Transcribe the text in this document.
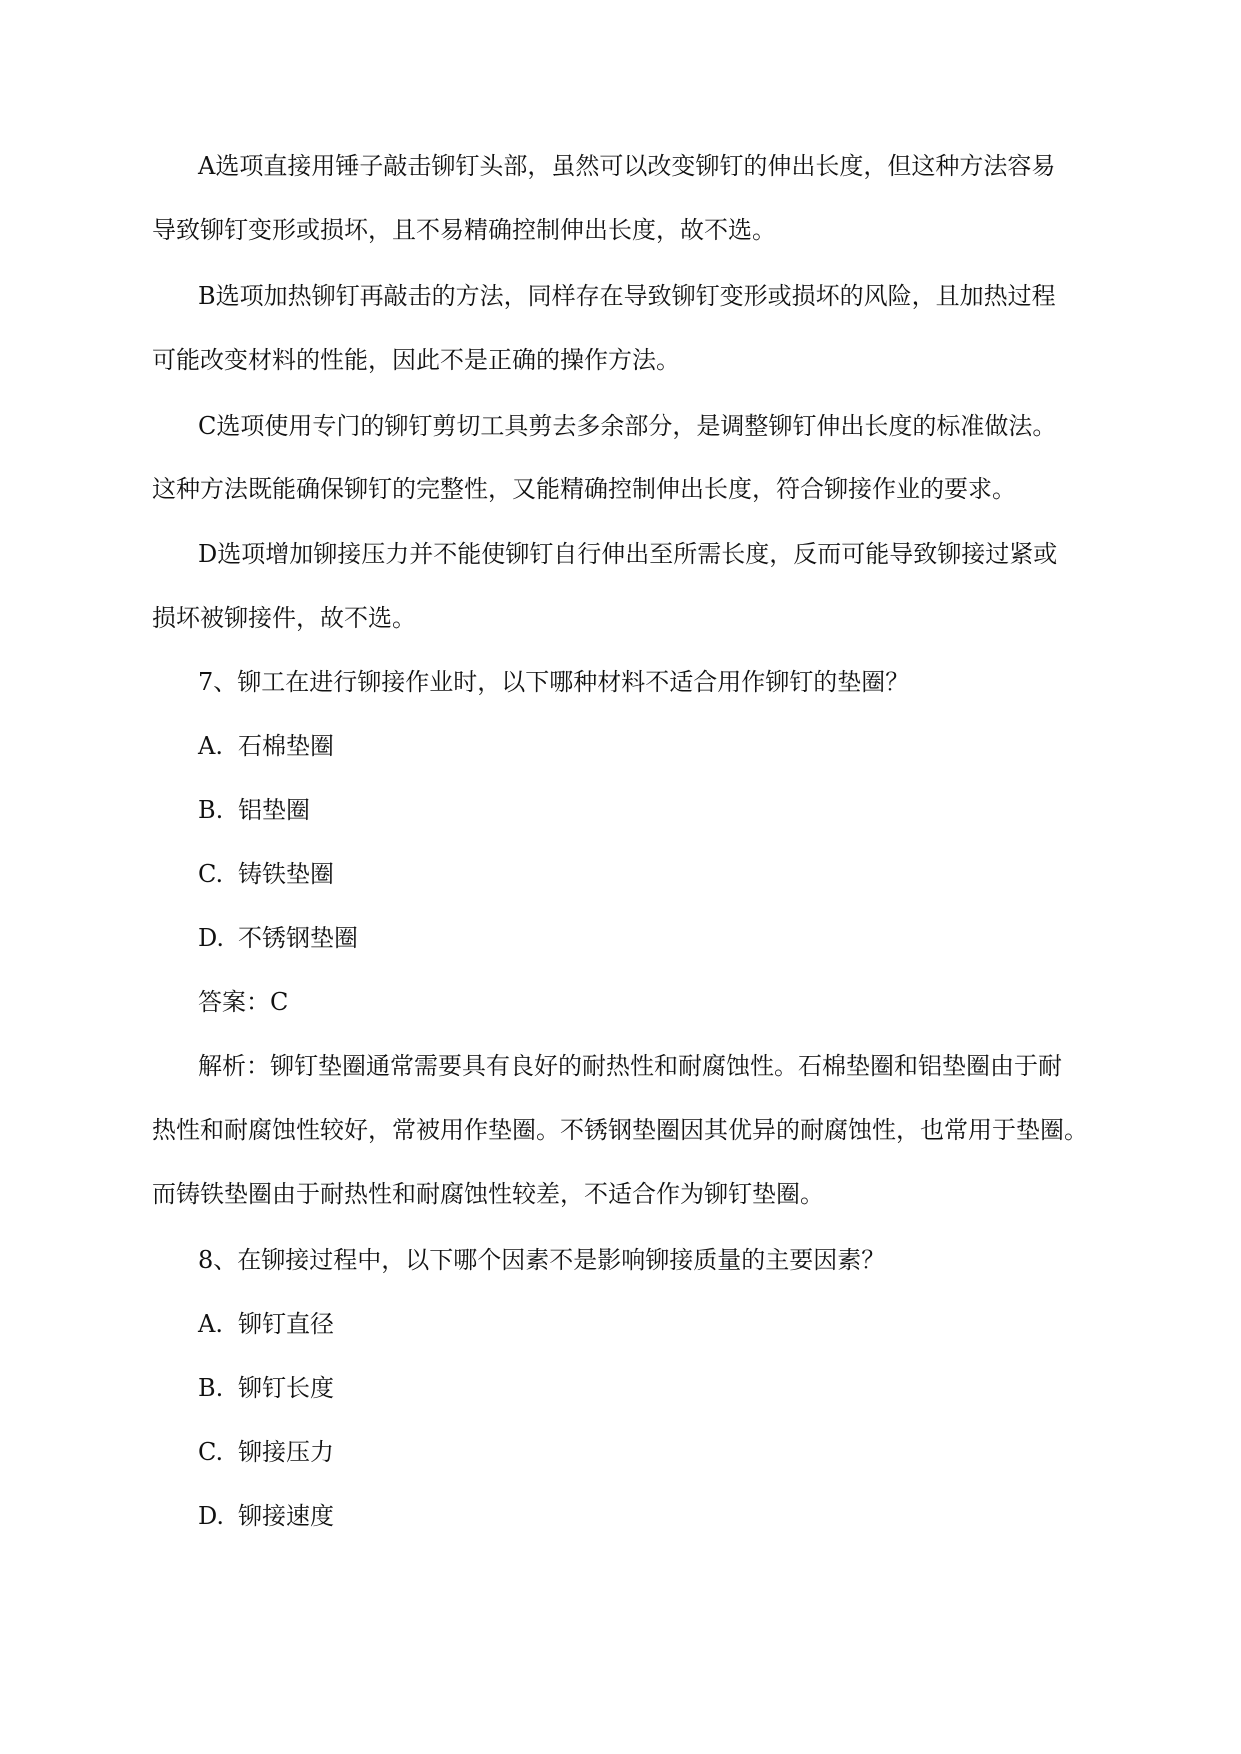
A选项直接用锤子敲击铆钉头部，虽然可以改变铆钉的伸出长度，但这种方法容易
导致铆钉变形或损坏，且不易精确控制伸出长度，故不选。
B选项加热铆钉再敲击的方法，同样存在导致铆钉变形或损坏的风险，且加热过程
可能改变材料的性能，因此不是正确的操作方法。
C选项使用专门的铆钉剪切工具剪去多余部分，是调整铆钉伸出长度的标准做法。
这种方法既能确保铆钉的完整性，又能精确控制伸出长度，符合铆接作业的要求。
D选项增加铆接压力并不能使铆钉自行伸出至所需长度，反而可能导致铆接过紧或
损坏被铆接件，故不选。
7、铆工在进行铆接作业时，以下哪种材料不适合用作铆钉的垫圈？
A. 石棉垫圈
B. 铝垫圈
C. 铸铁垫圈
D. 不锈钢垫圈
答案：C
解析：铆钉垫圈通常需要具有良好的耐热性和耐腐蚀性。石棉垫圈和铝垫圈由于耐
热性和耐腐蚀性较好，常被用作垫圈。不锈钢垫圈因其优异的耐腐蚀性，也常用于垫圈。
而铸铁垫圈由于耐热性和耐腐蚀性较差，不适合作为铆钉垫圈。
8、在铆接过程中，以下哪个因素不是影响铆接质量的主要因素？
A. 铆钉直径
B. 铆钉长度
C. 铆接压力
D. 铆接速度
